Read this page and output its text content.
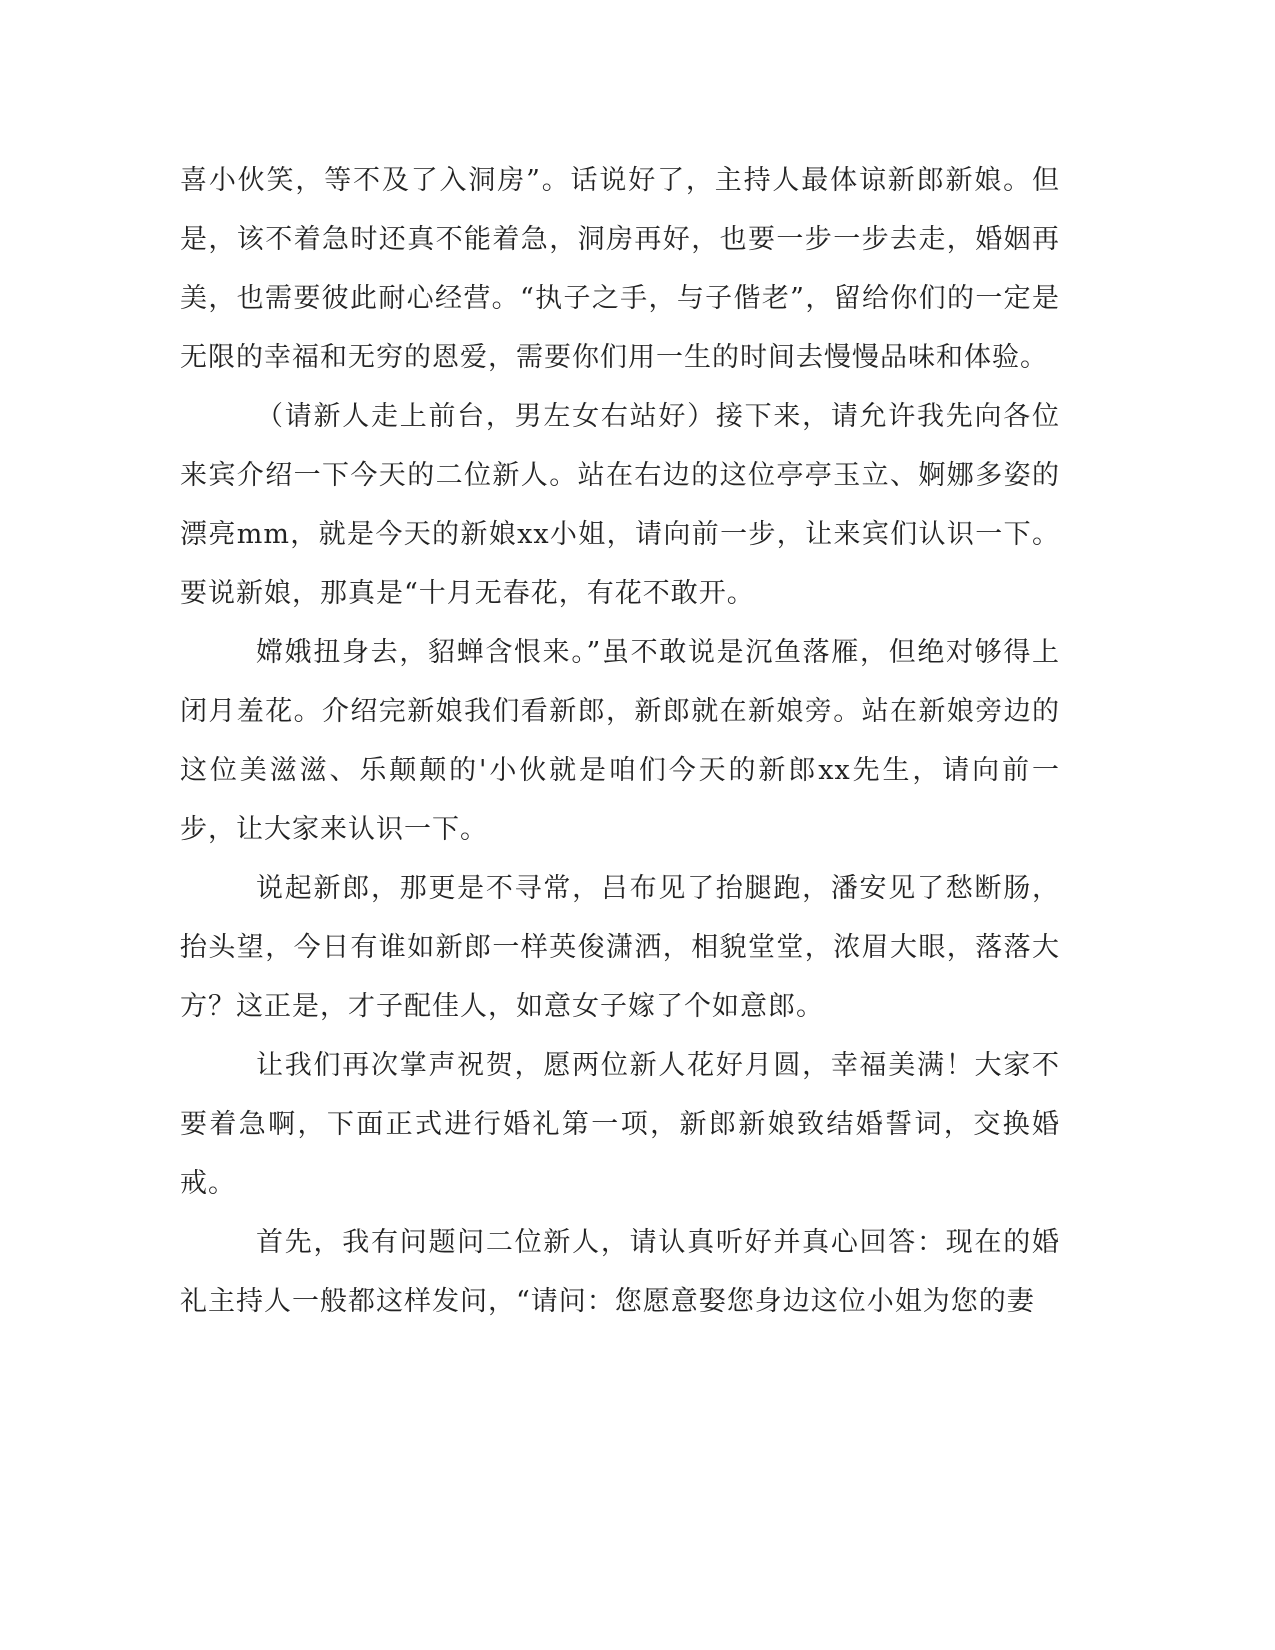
喜小伙笑，等不及了入洞房”。话说好了，主持人最体谅新郎新娘。但是，该不着急时还真不能着急，洞房再好，也要一步一步去走，婚姻再美，也需要彼此耐心经营。“执子之手，与子偕老”，留给你们的一定是无限的幸福和无穷的恩爱，需要你们用一生的时间去慢慢品味和体验。

（请新人走上前台，男左女右站好）接下来，请允许我先向各位来宾介绍一下今天的二位新人。站在右边的这位亭亭玉立、婀娜多姿的漂亮mm，就是今天的新娘xx小姐，请向前一步，让来宾们认识一下。要说新娘，那真是“十月无春花，有花不敢开。

嫦娥扭身去，貂蝉含恨来。”虽不敢说是沉鱼落雁，但绝对够得上闭月羞花。介绍完新娘我们看新郎，新郎就在新娘旁。站在新娘旁边的这位美滋滋、乐颠颠的'小伙就是咱们今天的新郎xx先生，请向前一步，让大家来认识一下。

说起新郎，那更是不寻常，吕布见了抬腿跑，潘安见了愁断肠，抬头望，今日有谁如新郎一样英俊潇洒，相貌堂堂，浓眉大眼，落落大方？这正是，才子配佳人，如意女子嫁了个如意郎。

让我们再次掌声祝贺，愿两位新人花好月圆，幸福美满！大家不要着急啊，下面正式进行婚礼第一项，新郎新娘致结婚誓词，交换婚戒。

首先，我有问题问二位新人，请认真听好并真心回答：现在的婚礼主持人一般都这样发问，“请问：您愿意娶您身边这位小姐为您的妻
